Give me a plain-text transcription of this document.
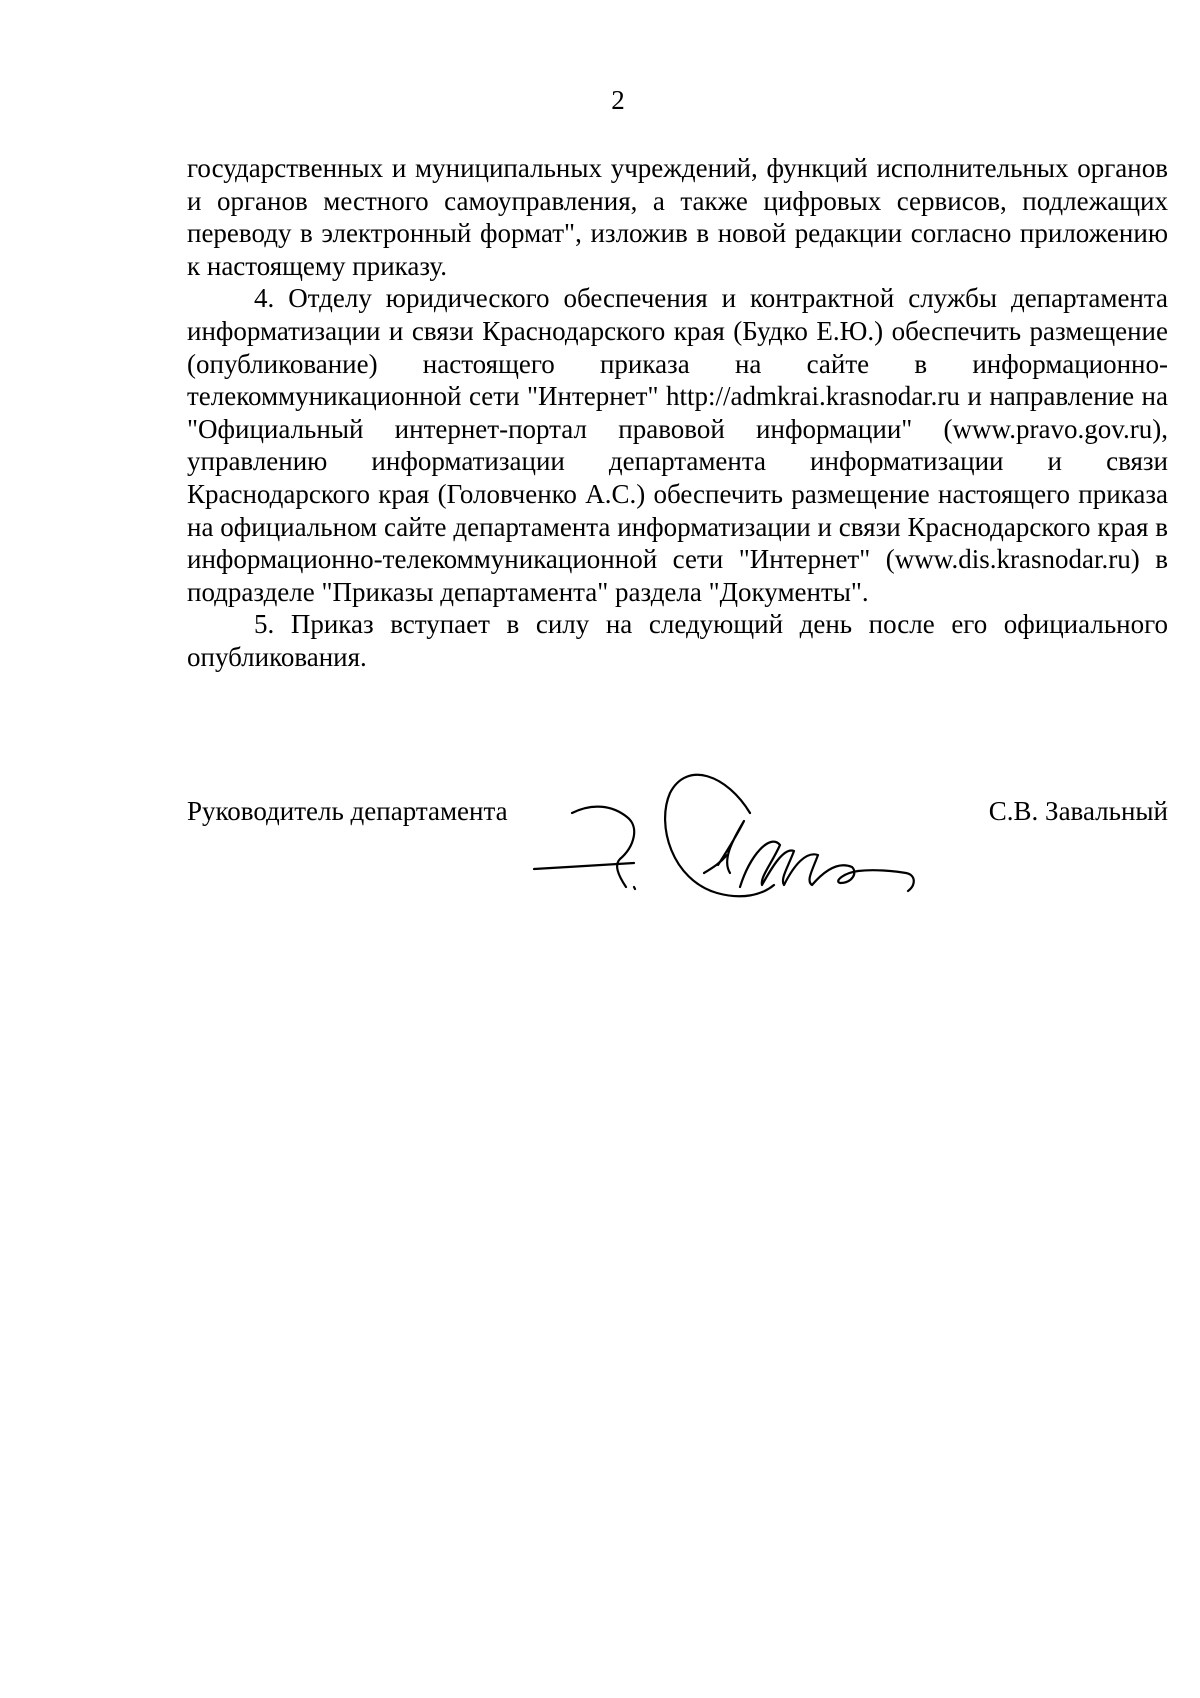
2

государственных и муниципальных учреждений, функций исполнительных органов и органов местного самоуправления, а также цифровых сервисов, подлежащих переводу в электронный формат", изложив в новой редакции согласно приложению к настоящему приказу.

4. Отделу юридического обеспечения и контрактной службы департамента информатизации и связи Краснодарского края (Будко Е.Ю.) обеспечить размещение (опубликование) настоящего приказа на сайте в информационно-телекоммуникационной сети "Интернет" http://admkrai.krasnodar.ru и направление на "Официальный интернет-портал правовой информации" (www.pravo.gov.ru), управлению информатизации департамента информатизации и связи Краснодарского края (Головченко А.С.) обеспечить размещение настоящего приказа на официальном сайте департамента информатизации и связи Краснодарского края в информационно-телекоммуникационной сети "Интернет" (www.dis.krasnodar.ru) в подразделе "Приказы департамента" раздела "Документы".

5. Приказ вступает в силу на следующий день после его официального опубликования.

Руководитель департамента	С.В. Завальный
